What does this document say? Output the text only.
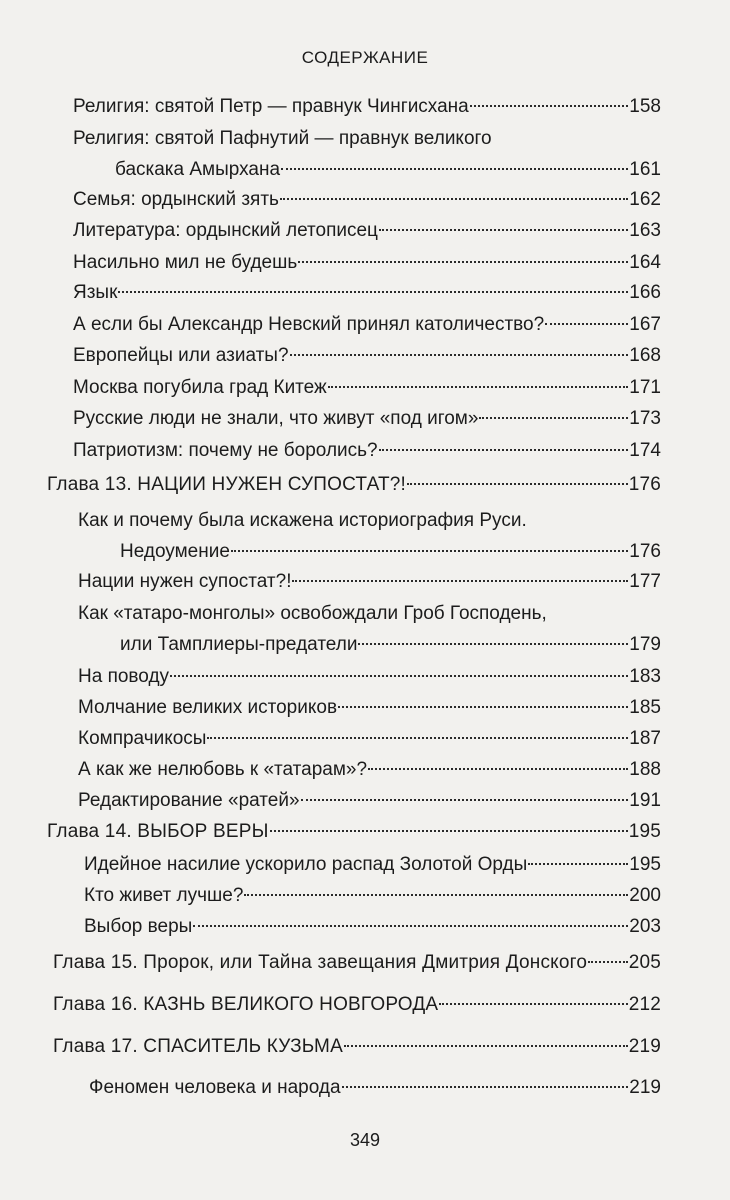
СОДЕРЖАНИЕ
Религия: святой Петр — правнук Чингисхана	158
Религия: святой Пафнутий — правнук великого
баскака Амырхана	161
Семья: ордынский зять	162
Литература: ордынский летописец	163
Насильно мил не будешь	164
Язык	166
А если бы Александр Невский принял католичество?	167
Европейцы или азиаты?	168
Москва погубила град Китеж	171
Русские люди не знали, что живут «под игом»	173
Патриотизм: почему не боролись?	174
Глава 13. НАЦИИ НУЖЕН СУПОСТАТ?!	176
Как и почему была искажена историография Руси.
Недоумение	176
Нации нужен супостат?!	177
Как «татаро-монголы» освобождали Гроб Господень,
или Тамплиеры-предатели	179
На поводу	183
Молчание великих историков	185
Компрачикосы	187
А как же нелюбовь к «татарам»?	188
Редактирование «ратей»	191
Глава 14. ВЫБОР ВЕРЫ	195
Идейное насилие ускорило распад Золотой Орды	195
Кто живет лучше?	200
Выбор веры	203
Глава 15. Пророк, или Тайна завещания Дмитрия Донского 205
Глава 16. КАЗНЬ ВЕЛИКОГО НОВГОРОДА	212
Глава 17. СПАСИТЕЛЬ КУЗЬМА	219
Феномен человека и народа	219
349
